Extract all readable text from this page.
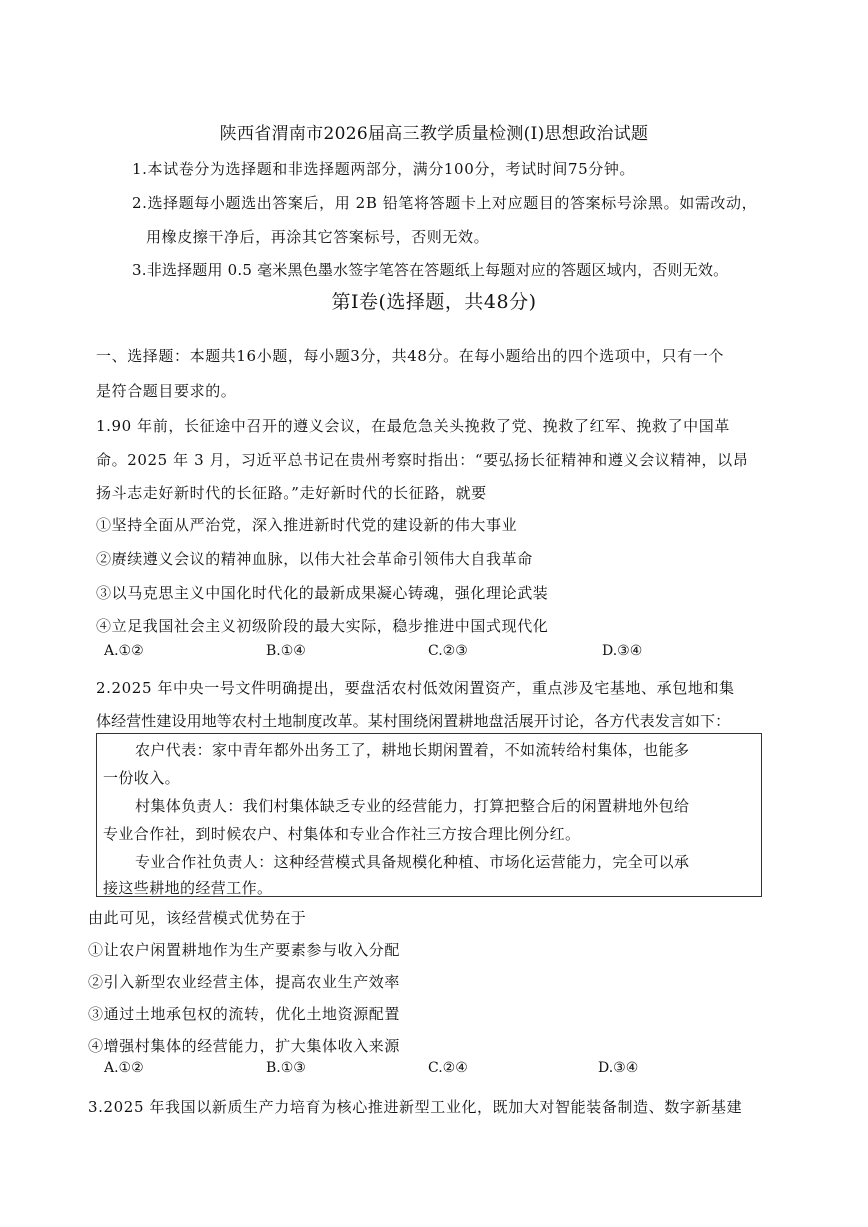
陕西省渭南市2026届高三教学质量检测(Ⅰ)思想政治试题
1.本试卷分为选择题和非选择题两部分，满分100分，考试时间75分钟。
2.选择题每小题选出答案后，用 2B 铅笔将答题卡上对应题目的答案标号涂黑。如需改动，
用橡皮擦干净后，再涂其它答案标号，否则无效。
3.非选择题用 0.5 毫米黑色墨水签字笔答在答题纸上每题对应的答题区域内，否则无效。
第Ⅰ卷(选择题，共48分)
一、选择题：本题共16小题，每小题3分，共48分。在每小题给出的四个选项中，只有一个
是符合题目要求的。
1.90 年前，长征途中召开的遵义会议，在最危急关头挽救了党、挽救了红军、挽救了中国革
命。2025 年 3 月，习近平总书记在贵州考察时指出：“要弘扬长征精神和遵义会议精神，以昂
扬斗志走好新时代的长征路。”走好新时代的长征路，就要
①坚持全面从严治党，深入推进新时代党的建设新的伟大事业
②赓续遵义会议的精神血脉，以伟大社会革命引领伟大自我革命
③以马克思主义中国化时代化的最新成果凝心铸魂，强化理论武装
④立足我国社会主义初级阶段的最大实际，稳步推进中国式现代化
A.①②	B.①④	C.②③	D.③④
2.2025 年中央一号文件明确提出，要盘活农村低效闲置资产，重点涉及宅基地、承包地和集
体经营性建设用地等农村土地制度改革。某村围绕闲置耕地盘活展开讨论，各方代表发言如下：
农户代表：家中青年都外出务工了，耕地长期闲置着，不如流转给村集体，也能多
一份收入。
村集体负责人：我们村集体缺乏专业的经营能力，打算把整合后的闲置耕地外包给
专业合作社，到时候农户、村集体和专业合作社三方按合理比例分红。
专业合作社负责人：这种经营模式具备规模化种植、市场化运营能力，完全可以承
接这些耕地的经营工作。
由此可见，该经营模式优势在于
①让农户闲置耕地作为生产要素参与收入分配
②引入新型农业经营主体，提高农业生产效率
③通过土地承包权的流转，优化土地资源配置
④增强村集体的经营能力，扩大集体收入来源
A.①②	B.①③	C.②④	D.③④
3.2025 年我国以新质生产力培育为核心推进新型工业化，既加大对智能装备制造、数字新基建
